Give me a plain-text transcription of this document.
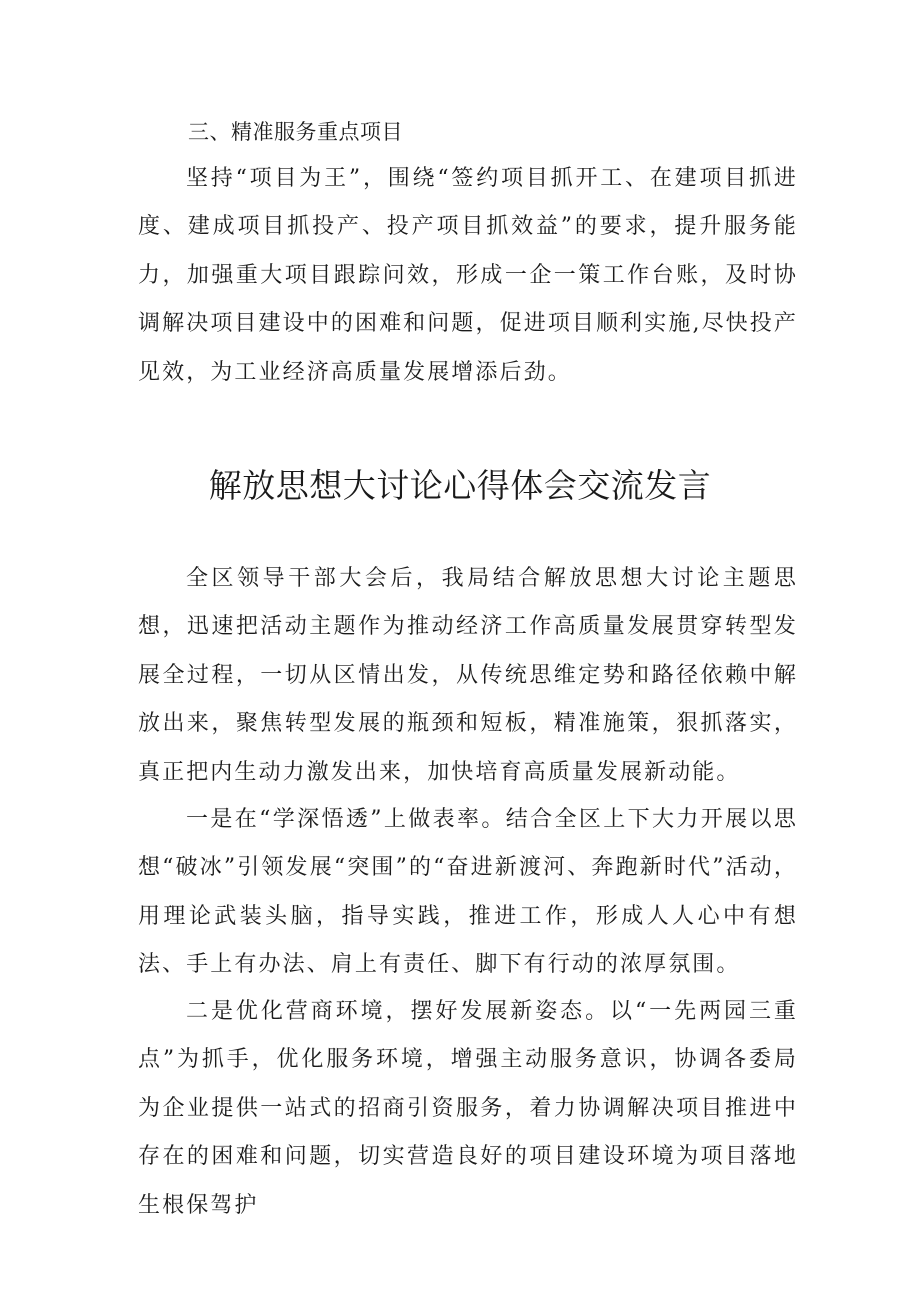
三、精准服务重点项目

坚持“项目为王”，围绕“签约项目抓开工、在建项目抓进度、建成项目抓投产、投产项目抓效益”的要求，提升服务能力，加强重大项目跟踪问效，形成一企一策工作台账，及时协调解决项目建设中的困难和问题，促进项目顺利实施,尽快投产见效，为工业经济高质量发展增添后劲。

解放思想大讨论心得体会交流发言

全区领导干部大会后，我局结合解放思想大讨论主题思想，迅速把活动主题作为推动经济工作高质量发展贯穿转型发展全过程，一切从区情出发，从传统思维定势和路径依赖中解放出来，聚焦转型发展的瓶颈和短板，精准施策，狠抓落实，真正把内生动力激发出来，加快培育高质量发展新动能。

一是在“学深悟透”上做表率。结合全区上下大力开展以思想“破冰”引领发展“突围”的“奋进新渡河、奔跑新时代”活动，用理论武装头脑，指导实践，推进工作，形成人人心中有想法、手上有办法、肩上有责任、脚下有行动的浓厚氛围。

二是优化营商环境，摆好发展新姿态。以“一先两园三重点”为抓手，优化服务环境，增强主动服务意识，协调各委局为企业提供一站式的招商引资服务，着力协调解决项目推进中存在的困难和问题，切实营造良好的项目建设环境为项目落地生根保驾护
